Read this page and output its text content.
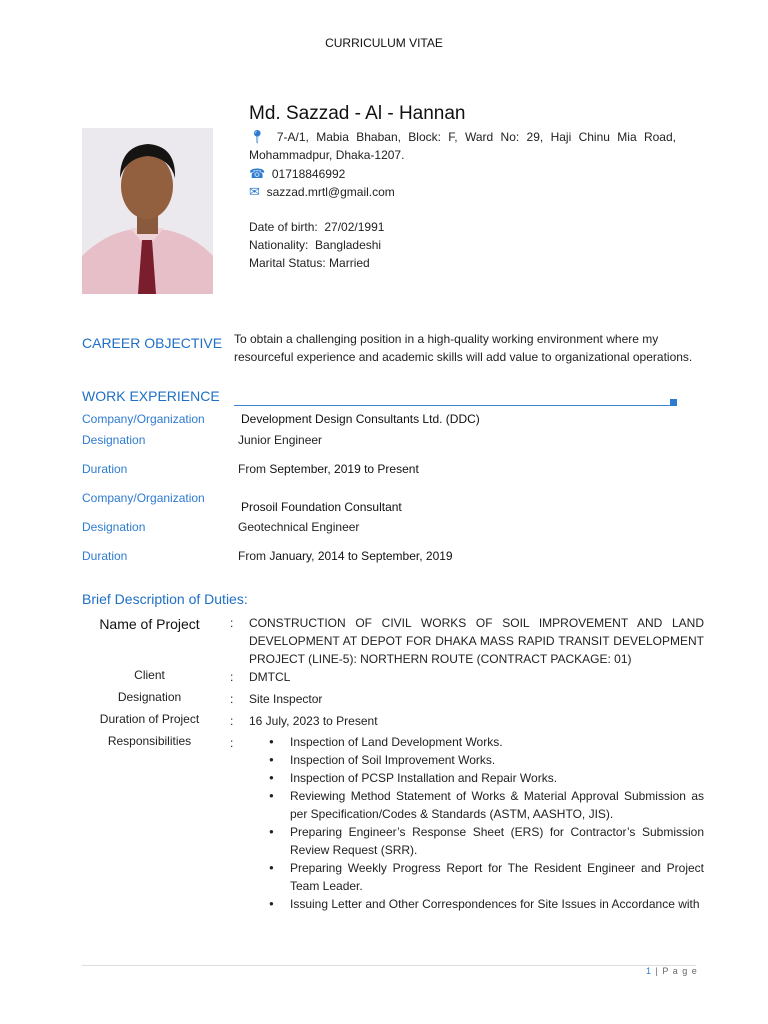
CURRICULUM VITAE
Md. Sazzad - Al - Hannan
📍︎ 7-A/1, Mabia Bhaban, Block: F, Ward No: 29, Haji Chinu Mia Road, Mohammadpur, Dhaka-1207.
☎ 01718846992
✉ sazzad.mrtl@gmail.com
Date of birth: 27/02/1991
Nationality: Bangladeshi
Marital Status: Married
CAREER OBJECTIVE To obtain a challenging position in a high-quality working environment where my resourceful experience and academic skills will add value to organizational operations.
WORK EXPERIENCE
Company/Organization	Development Design Consultants Ltd. (DDC)
Designation	Junior Engineer
Duration	From September, 2019 to Present
Company/Organization
Prosoil Foundation Consultant
Designation	Geotechnical Engineer
Duration	From January, 2014 to September, 2019
Brief Description of Duties:
Name of Project	: CONSTRUCTION OF CIVIL WORKS OF SOIL IMPROVEMENT AND LAND DEVELOPMENT AT DEPOT FOR DHAKA MASS RAPID TRANSIT DEVELOPMENT PROJECT (LINE-5): NORTHERN ROUTE (CONTRACT PACKAGE: 01)
Client	: DMTCL
Designation	: Site Inspector
Duration of Project	: 16 July, 2023 to Present
Responsibilities	:
●	Inspection of Land Development Works.
● Inspection of Soil Improvement Works.
● Inspection of PCSP Installation and Repair Works.
● Reviewing Method Statement of Works & Material Approval Submission as per Specification/Codes & Standards (ASTM, AASHTO, JIS).
● Preparing Engineer’s Response Sheet (ERS) for Contractor’s Submission Review Request (SRR).
● Preparing Weekly Progress Report for The Resident Engineer and Project Team Leader.
● Issuing Letter and Other Correspondences for Site Issues in Accordance with
1 | P a g e
